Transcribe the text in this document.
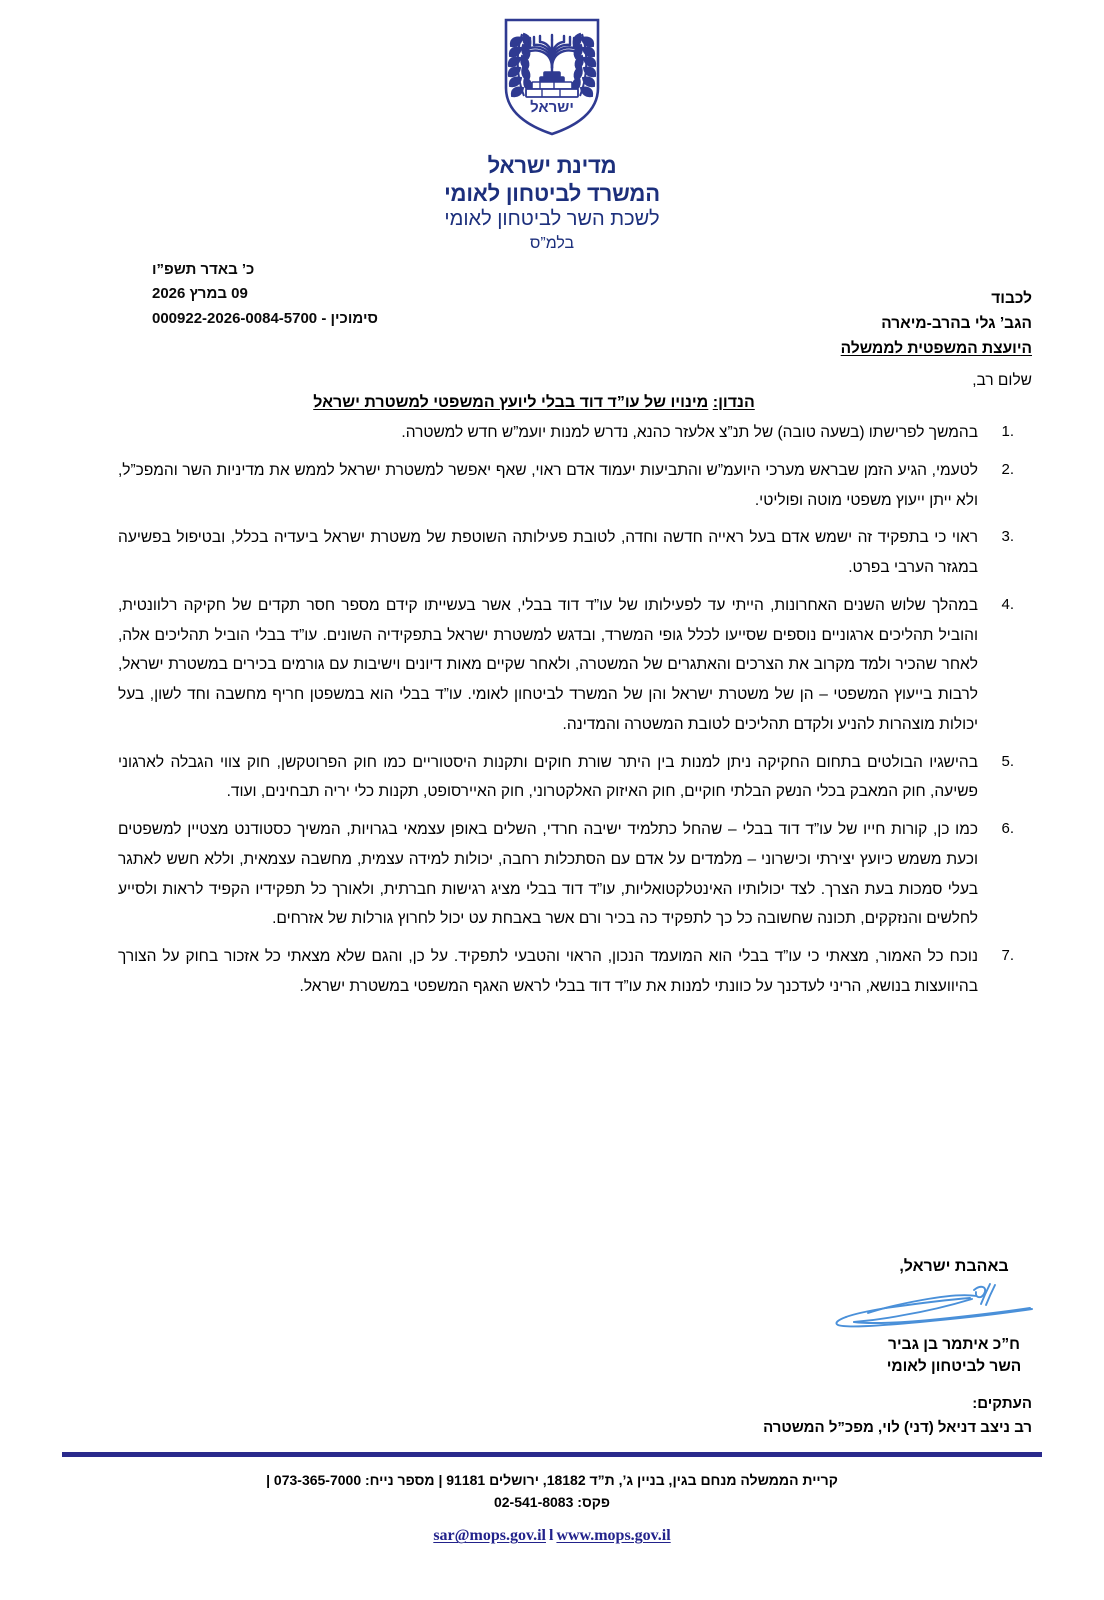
ישראל
מדינת ישראל
המשרד לביטחון לאומי
לשכת השר לביטחון לאומי
בלמ”ס
כ’ באדר תשפ”ו
09 במרץ 2026
סימוכין - 000922-2026-0084-5700
לכבוד
הגב’ גלי בהרב-מיארה
היועצת המשפטית לממשלה
שלום רב,
הנדון: מינויו של עו”ד דוד בבלי ליועץ המשפטי למשטרת ישראל
בהמשך לפרישתו (בשעה טובה) של תנ”צ אלעזר כהנא, נדרש למנות יועמ”ש חדש למשטרה.
לטעמי, הגיע הזמן שבראש מערכי היועמ”ש והתביעות יעמוד אדם ראוי, שאף יאפשר למשטרת ישראל לממש את מדיניות השר והמפכ”ל, ולא ייתן ייעוץ משפטי מוטה ופוליטי.
ראוי כי בתפקיד זה ישמש אדם בעל ראייה חדשה וחדה, לטובת פעילותה השוטפת של משטרת ישראל ביעדיה בכלל, ובטיפול בפשיעה במגזר הערבי בפרט.
במהלך שלוש השנים האחרונות, הייתי עד לפעילותו של עו”ד דוד בבלי, אשר בעשייתו קידם מספר חסר תקדים של חקיקה רלוונטית, והוביל תהליכים ארגוניים נוספים שסייעו לכלל גופי המשרד, ובדגש למשטרת ישראל בתפקידיה השונים. עו”ד בבלי הוביל תהליכים אלה, לאחר שהכיר ולמד מקרוב את הצרכים והאתגרים של המשטרה, ולאחר שקיים מאות דיונים וישיבות עם גורמים בכירים במשטרת ישראל, לרבות בייעוץ המשפטי – הן של משטרת ישראל והן של המשרד לביטחון לאומי. עו”ד בבלי הוא במשפטן חריף מחשבה וחד לשון, בעל יכולות מוצהרות להניע ולקדם תהליכים לטובת המשטרה והמדינה.
בהישגיו הבולטים בתחום החקיקה ניתן למנות בין היתר שורת חוקים ותקנות היסטוריים כמו חוק הפרוטקשן, חוק צווי הגבלה לארגוני פשיעה, חוק המאבק בכלי הנשק הבלתי חוקיים, חוק האיזוק האלקטרוני, חוק האיירסופט, תקנות כלי יריה תבחינים, ועוד.
כמו כן, קורות חייו של עו”ד דוד בבלי – שהחל כתלמיד ישיבה חרדי, השלים באופן עצמאי בגרויות, המשיך כסטודנט מצטיין למשפטים וכעת משמש כיועץ יצירתי וכישרוני – מלמדים על אדם עם הסתכלות רחבה, יכולות למידה עצמית, מחשבה עצמאית, וללא חשש לאתגר בעלי סמכות בעת הצרך. לצד יכולותיו האינטלקטואליות, עו”ד דוד בבלי מציג רגישות חברתית, ולאורך כל תפקידיו הקפיד לראות ולסייע לחלשים והנזקקים, תכונה שחשובה כל כך לתפקיד כה בכיר ורם אשר באבחת עט יכול לחרוץ גורלות של אזרחים.
נוכח כל האמור, מצאתי כי עו”ד בבלי הוא המועמד הנכון, הראוי והטבעי לתפקיד. על כן, והגם שלא מצאתי כל אזכור בחוק על הצורך בהיוועצות בנושא, הריני לעדכנך על כוונתי למנות את עו”ד דוד בבלי לראש האגף המשפטי במשטרת ישראל.
באהבת ישראל,
ח”כ איתמר בן גביר
השר לביטחון לאומי
העתקים:
רב ניצב דניאל (דני) לוי, מפכ”ל המשטרה
קריית הממשלה מנחם בגין, בניין ג’, ת”ד 18182, ירושלים 91181 | מספר נייח: 073-365-7000 |
פקס: 02-541-8083
sar@mops.gov.il l www.mops.gov.il
